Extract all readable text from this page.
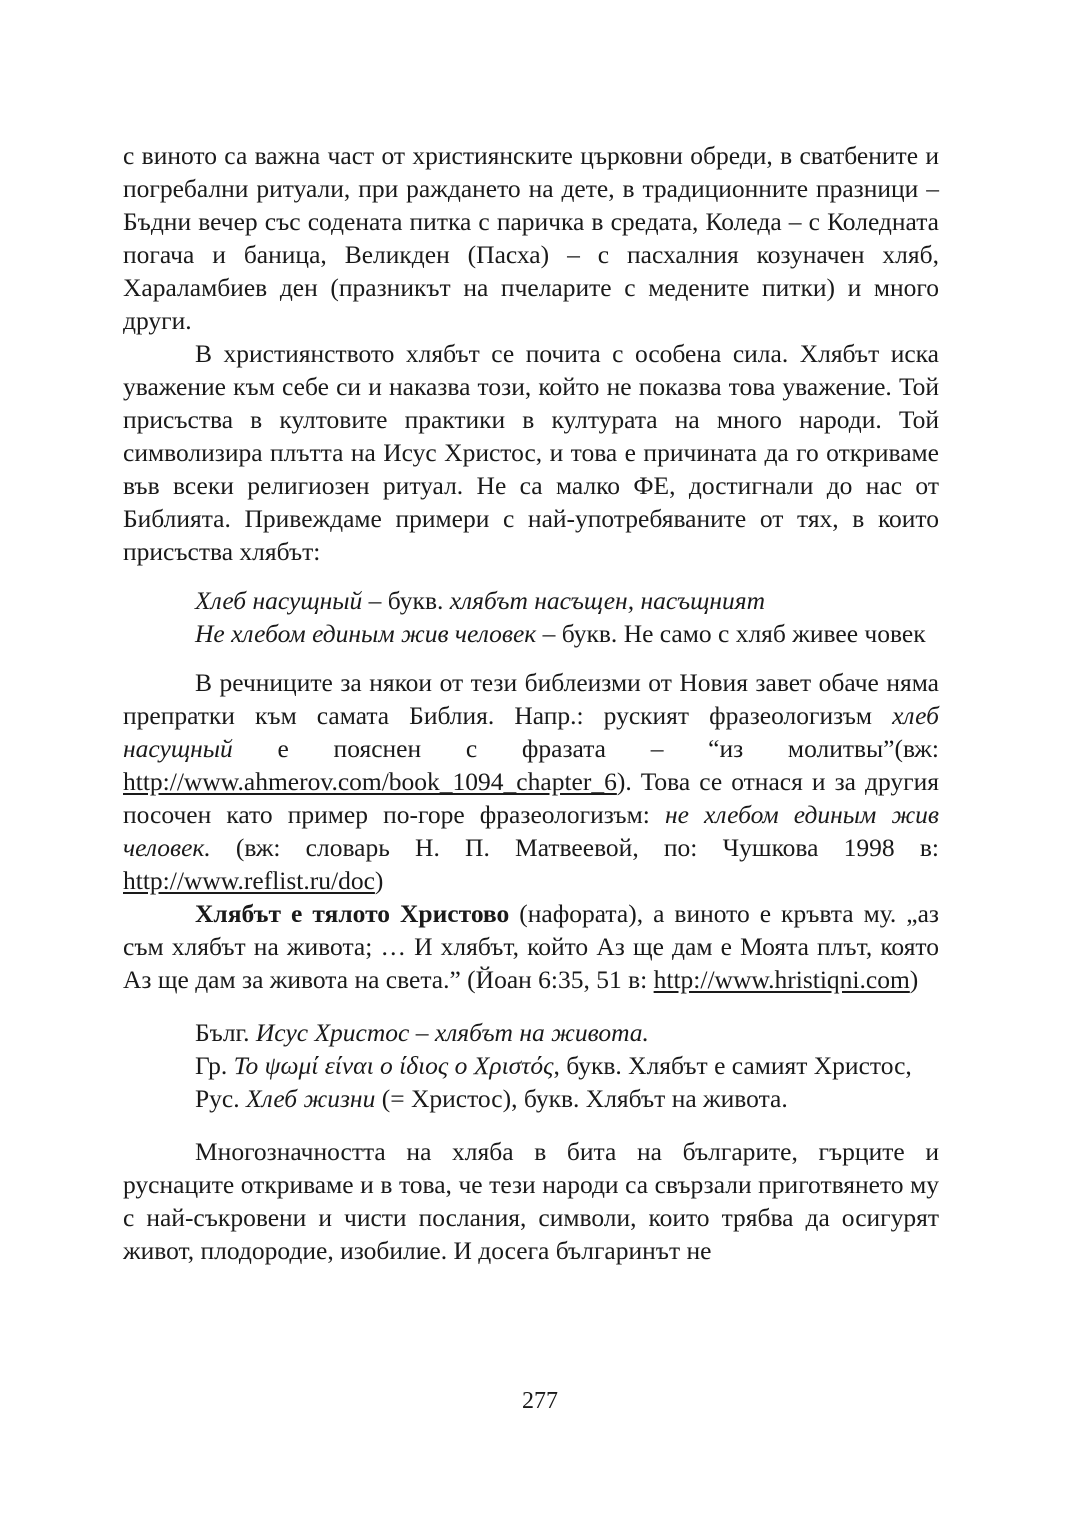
с виното са важна част от християнските църковни обреди, в сватбените и погребални ритуали, при раждането на дете, в традиционните празници – Бъдни вечер със содената питка с паричка в средата, Коледа – с Коледната погача и баница, Великден (Пасха) – с пасхалния козуначен хляб, Хараламбиев ден (празникът на пчеларите с медените питки) и много други.

В християнството хлябът се почита с особена сила. Хлябът иска уважение към себе си и наказва този, който не показва това уважение. Той присъства в култовите практики в културата на много народи. Той символизира плътта на Исус Христос, и това е причината да го откриваме във всеки религиозен ритуал. Не са малко ФЕ, достигнали до нас от Библията. Привеждаме примери с най-употребяваните от тях, в които присъства хлябът:

Хлеб насущный – букв. хлябът насъщен, насъщният

Не хлебом единым жив человек – букв. Не само с хляб живее човек

В речниците за някои от тези библеизми от Новия завет обаче няма препратки към самата Библия. Напр.: руският фразеологизъм хлеб насущный е пояснен с фразата – “из молитвы”(вж: http://www.ahmerov.com/book_1094_chapter_6). Това се отнася и за другия посочен като пример по-горе фразеологизъм: не хлебом единым жив человек. (вж: словарь Н. П. Матвеевой, по: Чушкова 1998 в: http://www.reflist.ru/doc)

Хлябът е тялото Христово (нафората), а виното е кръвта му. „аз съм хлябът на живота; … И хлябът, който Аз ще дам е Моята плът, която Аз ще дам за живота на света.” (Йоан 6:35, 51 в: http://www.hristiqni.com)

Бълг. Исус Христос – хлябът на живота.

Гр. Το ψωμί είναι ο ίδιος ο Χριστός, букв. Хлябът е самият Христос,

Рус. Хлеб жизни (= Христос), букв. Хлябът на живота.

Многозначността на хляба в бита на българите, гърците и руснаците откриваме и в това, че тези народи са свързали приготвянето му с най-съкровени и чисти послания, символи, които трябва да осигурят живот, плодородие, изобилие. И досега българинът не

277
